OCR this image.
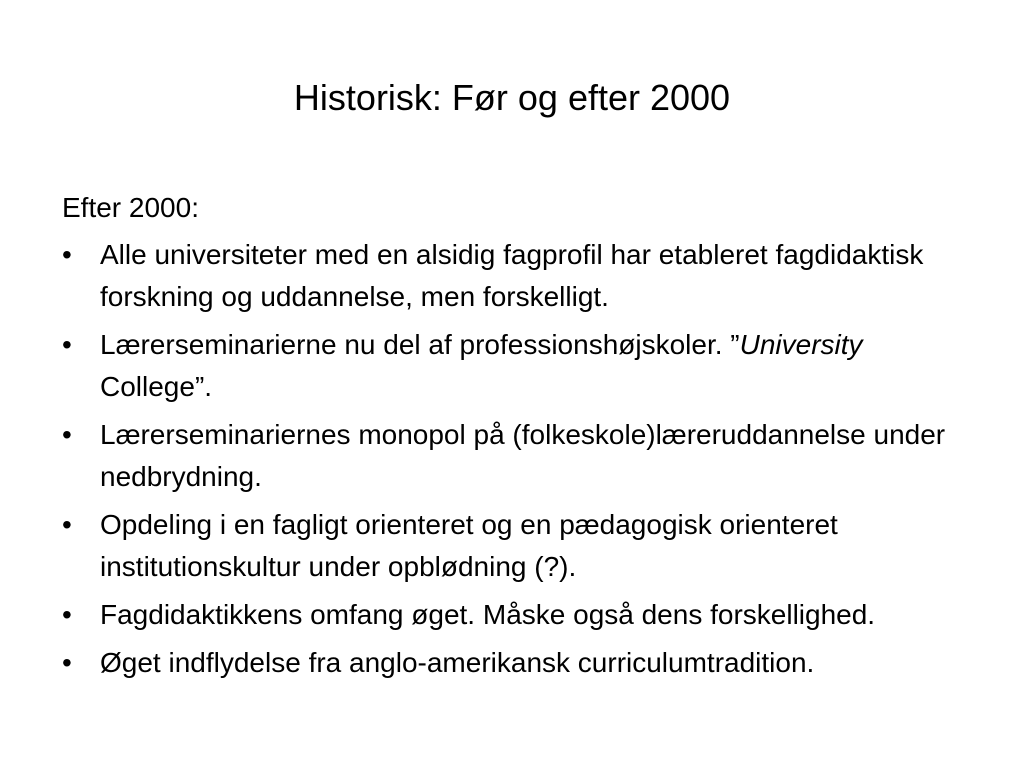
Historisk: Før og efter 2000

Efter 2000:

• Alle universiteter med en alsidig fagprofil har etableret fagdidaktisk forskning og uddannelse, men forskelligt.
• Lærerseminarierne nu del af professionshøjskoler. ”University College”.
• Lærerseminariernes monopol på (folkeskole)læreruddannelse under nedbrydning.
• Opdeling i en fagligt orienteret og en pædagogisk orienteret institutionskultur under opblødning (?).
• Fagdidaktikkens omfang øget. Måske også dens forskellighed.
• Øget indflydelse fra anglo-amerikansk curriculumtradition.
